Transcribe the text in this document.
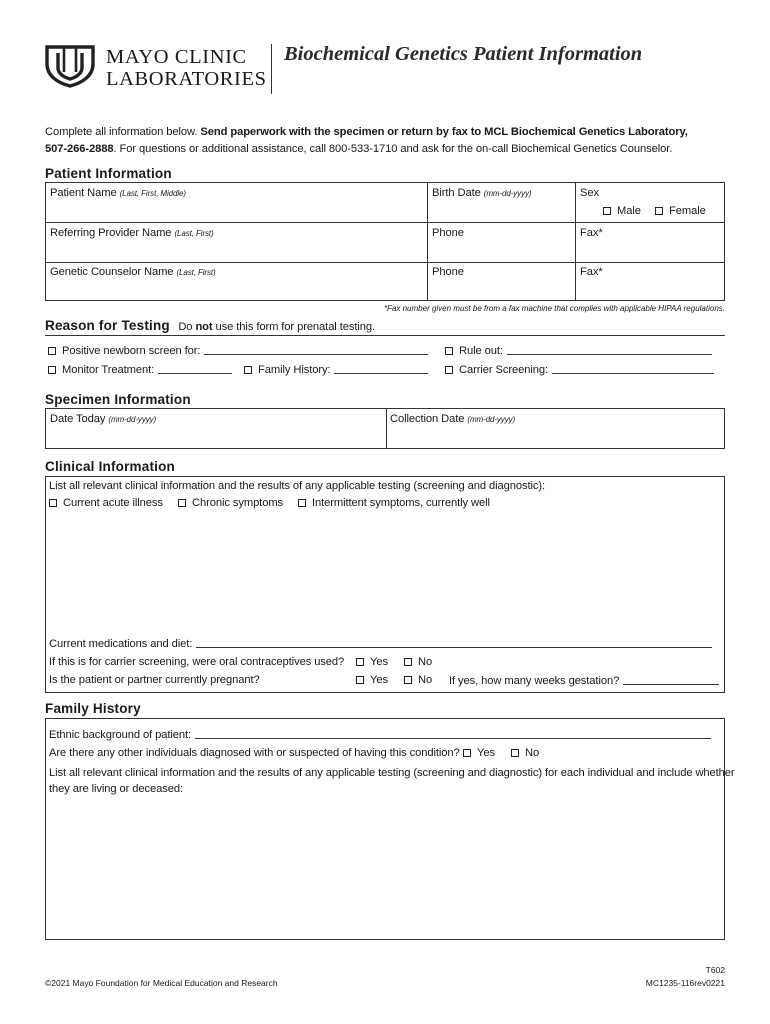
MAYO CLINIC
LABORATORIES
Biochemical Genetics Patient Information
Complete all information below. Send paperwork with the specimen or return by fax to MCL Biochemical Genetics Laboratory,
507-266-2888. For questions or additional assistance, call 800-533-1710 and ask for the on-call Biochemical Genetics Counselor.
Patient Information
Patient Name (Last, First, Middle)	Birth Date (mm-dd-yyyy)	Sex
Male	Female
Referring Provider Name (Last, First)	Phone	Fax*
Genetic Counselor Name (Last, First)	Phone	Fax*
*Fax number given must be from a fax machine that complies with applicable HIPAA regulations.
Reason for Testing Do not use this form for prenatal testing.
Positive newborn screen for:	Rule out:
Monitor Treatment:	Family History:	Carrier Screening:
Specimen Information
Date Today (mm-dd-yyyy)	Collection Date (mm-dd-yyyy)
Clinical Information
List all relevant clinical information and the results of any applicable testing (screening and diagnostic):
Current acute illness	Chronic symptoms	Intermittent symptoms, currently well
Current medications and diet:
If this is for carrier screening, were oral contraceptives used?	Yes	No
Is the patient or partner currently pregnant?	Yes	No If yes, how many weeks gestation?
Family History
Ethnic background of patient:
Are there any other individuals diagnosed with or suspected of having this condition?	Yes	No
List all relevant clinical information and the results of any applicable testing (screening and diagnostic) for each individual and include whether
they are living or deceased:
©2021 Mayo Foundation for Medical Education and Research
T602
MC1235-116rev0221
